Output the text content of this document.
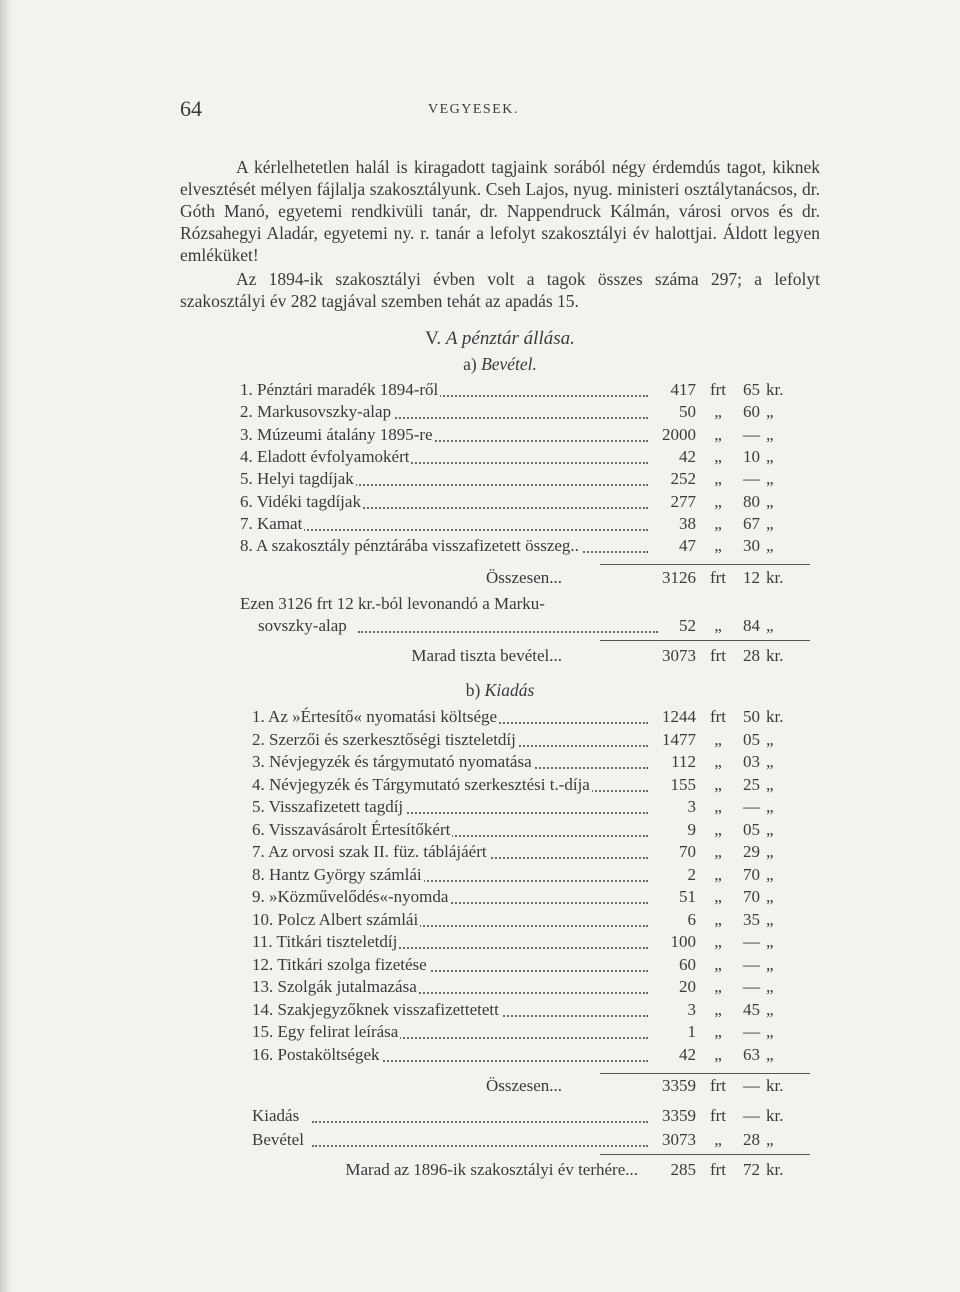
64	VEGYESEK.
A kérlelhetetlen halál is kiragadott tagjaink sorából négy érdemdús tagot, kiknek elvesztését mélyen fájlalja szakosztályunk. Cseh Lajos, nyug. ministeri osztálytanácsos, dr. Góth Manó, egyetemi rendkivüli tanár, dr. Nappendruck Kálmán, városi orvos és dr. Rózsahegyi Aladár, egyetemi ny. r. tanár a lefolyt szakosztályi év halottjai. Áldott legyen emléküket!
Az 1894-ik szakosztályi évben volt a tagok összes száma 297; a lefolyt szakosztályi év 282 tagjával szemben tehát az apadás 15.
V. A pénztár állása.
a) Bevétel.
1. Pénztári maradék 1894-ről	417 frt 65 kr.
2. Markusovszky-alap	50	„	60 „
3. Múzeumi átalány 1895-re	2000	„	— „
4. Eladott évfolyamokért	42	„	10 „
5. Helyi tagdíjak	252	„	— „
6. Vidéki tagdíjak	277	„	80 „
7. Kamat	38	„	67 „
8. A szakosztály pénztárába visszafizetett összeg..	47	„	30 „
Összesen...	3126 frt 12 kr.
Ezen 3126 frt 12 kr.-ból levonandó a Marku-
sovszky-alap	52	„	84 „
Marad tiszta bevétel...	3073 frt 28 kr.
b) Kiadás
1. Az »Értesítő« nyomatási költsége	1244 frt 50 kr.
2. Szerzői és szerkesztőségi tiszteletdíj	1477	„	05 „
3. Névjegyzék és tárgymutató nyomatása	112	„	03 „
4. Névjegyzék és Tárgymutató szerkesztési t.-díja	155	„	25 „
5. Visszafizetett tagdíj	3	„	— „
6. Visszavásárolt Értesítőkért	9	„	05 „
7. Az orvosi szak II. füz. táblájáért	70	„	29 „
8. Hantz György számlái	2	„	70 „
9. »Közművelődés«-nyomda	51	„	70 „
10. Polcz Albert számlái	6	„	35 „
11. Titkári tiszteletdíj	100	„	— „
12. Titkári szolga fizetése	60	„	— „
13. Szolgák jutalmazása	20	„	— „
14. Szakjegyzőknek visszafizettetett	3	„	45 „
15. Egy felirat leírása	1	„	— „
16. Postaköltségek	42	„	63 „
Összesen...	3359 frt — kr.
Kiadás	3359 frt — kr.
Bevétel	3073	„	28 „
Marad az 1896-ik szakosztályi év terhére...	285 frt 72 kr.
